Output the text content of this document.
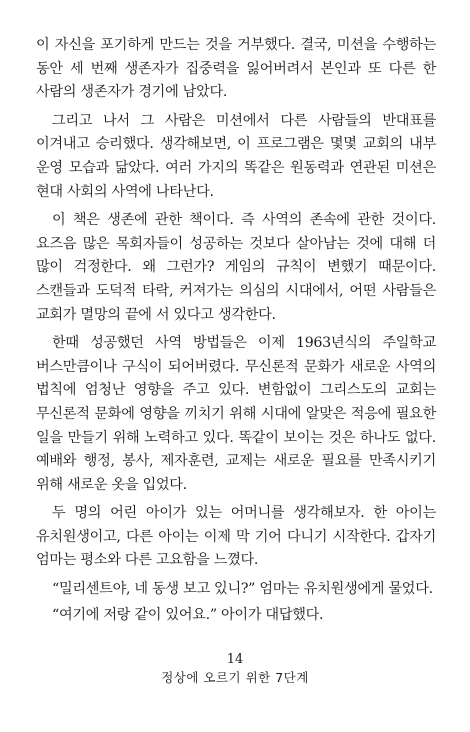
이 자신을 포기하게 만드는 것을 거부했다. 결국, 미션을 수행하는 동안 세 번째 생존자가 집중력을 잃어버려서 본인과 또 다른 한 사람의 생존자가 경기에 남았다.

그리고 나서 그 사람은 미션에서 다른 사람들의 반대표를 이겨내고 승리했다. 생각해보면, 이 프로그램은 몇몇 교회의 내부 운영 모습과 닮았다. 여러 가지의 똑같은 원동력과 연관된 미션은 현대 사회의 사역에 나타난다.

이 책은 생존에 관한 책이다. 즉 사역의 존속에 관한 것이다. 요즈음 많은 목회자들이 성공하는 것보다 살아남는 것에 대해 더 많이 걱정한다. 왜 그런가? 게임의 규칙이 변했기 때문이다. 스캔들과 도덕적 타락, 커져가는 의심의 시대에서, 어떤 사람들은 교회가 멸망의 끝에 서 있다고 생각한다.

한때 성공했던 사역 방법들은 이제 1963년식의 주일학교 버스만큼이나 구식이 되어버렸다. 무신론적 문화가 새로운 사역의 법칙에 엄청난 영향을 주고 있다. 변함없이 그리스도의 교회는 무신론적 문화에 영향을 끼치기 위해 시대에 알맞은 적응에 필요한 일을 만들기 위해 노력하고 있다. 똑같이 보이는 것은 하나도 없다. 예배와 행정, 봉사, 제자훈련, 교제는 새로운 필요를 만족시키기 위해 새로운 옷을 입었다.

두 명의 어린 아이가 있는 어머니를 생각해보자. 한 아이는 유치원생이고, 다른 아이는 이제 막 기어 다니기 시작한다. 갑자기 엄마는 평소와 다른 고요함을 느꼈다.

“밀리센트야, 네 동생 보고 있니?” 엄마는 유치원생에게 물었다.

“여기에 저랑 같이 있어요.” 아이가 대답했다.

14
정상에 오르기 위한 7단계
